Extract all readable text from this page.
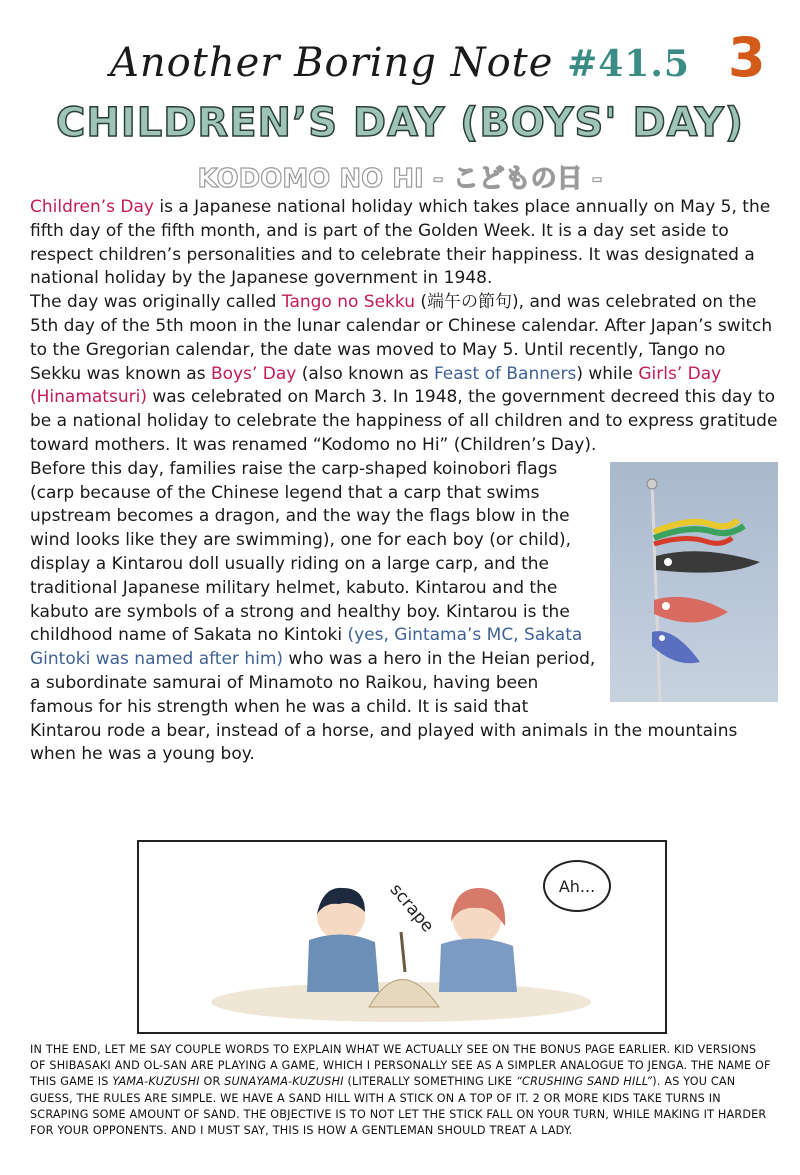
Another Boring Note #41.5 3
CHILDREN’S DAY (BOYS' DAY)
KODOMO NO HI - こどもの日 -

Children’s Day is a Japanese national holiday which takes place annually on May 5, the fifth day of the fifth month, and is part of the Golden Week. It is a day set aside to respect children’s personalities and to celebrate their happiness. It was designated a national holiday by the Japanese government in 1948.

The day was originally called Tango no Sekku (端午の節句), and was celebrated on the 5th day of the 5th moon in the lunar calendar or Chinese calendar. After Japan’s switch to the Gregorian calendar, the date was moved to May 5. Until recently, Tango no Sekku was known as Boys’ Day (also known as Feast of Banners) while Girls’ Day (Hinamatsuri) was celebrated on March 3. In 1948, the government decreed this day to be a national holiday to celebrate the happiness of all children and to express gratitude toward mothers. It was renamed “Kodomo no Hi” (Children’s Day).

Before this day, families raise the carp-shaped koinobori flags (carp because of the Chinese legend that a carp that swims upstream becomes a dragon, and the way the flags blow in the wind looks like they are swimming), one for each boy (or child), display a Kintarou doll usually riding on a large carp, and the traditional Japanese military helmet, kabuto. Kintarou and the kabuto are symbols of a strong and healthy boy. Kintarou is the childhood name of Sakata no Kintoki (yes, Gintama’s MC, Sakata Gintoki was named after him) who was a hero in the Heian period, a subordinate samurai of Minamoto no Raikou, having been famous for his strength when he was a child. It is said that Kintarou rode a bear, instead of a horse, and played with animals in the mountains when he was a young boy.

scrape	Ah...
IN THE END, LET ME SAY COUPLE WORDS TO EXPLAIN WHAT WE ACTUALLY SEE ON THE BONUS PAGE EARLIER. KID VERSIONS OF SHIBASAKI AND OL-SAN ARE PLAYING A GAME, WHICH I PERSONALLY SEE AS A SIMPLER ANALOGUE TO JENGA. THE NAME OF THIS GAME IS YAMA-KUZUSHI OR SUNAYAMA-KUZUSHI (LITERALLY SOMETHING LIKE “CRUSHING SAND HILL”). AS YOU CAN GUESS, THE RULES ARE SIMPLE. WE HAVE A SAND HILL WITH A STICK ON A TOP OF IT. 2 OR MORE KIDS TAKE TURNS IN SCRAPING SOME AMOUNT OF SAND. THE OBJECTIVE IS TO NOT LET THE STICK FALL ON YOUR TURN, WHILE MAKING IT HARDER FOR YOUR OPPONENTS. AND I MUST SAY, THIS IS HOW A GENTLEMAN SHOULD TREAT A LADY.
